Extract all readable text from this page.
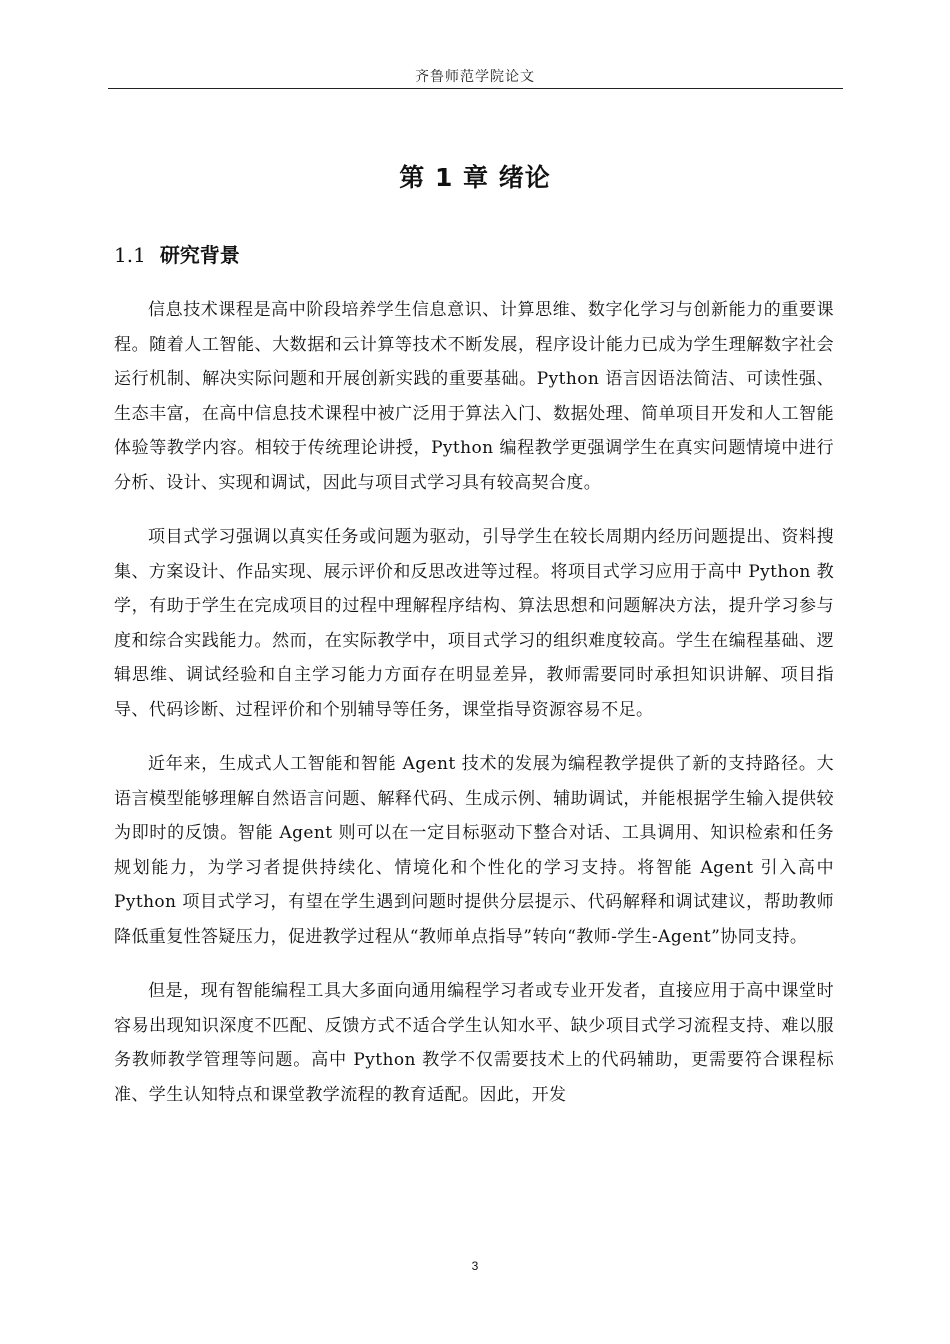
齐鲁师范学院论文
第 1 章 绪论
1.1 研究背景

信息技术课程是高中阶段培养学生信息意识、计算思维、数字化学习与创新能力的重要课程。随着人工智能、大数据和云计算等技术不断发展，程序设计能力已成为学生理解数字社会运行机制、解决实际问题和开展创新实践的重要基础。Python 语言因语法简洁、可读性强、生态丰富，在高中信息技术课程中被广泛用于算法入门、数据处理、简单项目开发和人工智能体验等教学内容。相较于传统理论讲授，Python 编程教学更强调学生在真实问题情境中进行分析、设计、实现和调试，因此与项目式学习具有较高契合度。

项目式学习强调以真实任务或问题为驱动，引导学生在较长周期内经历问题提出、资料搜集、方案设计、作品实现、展示评价和反思改进等过程。将项目式学习应用于高中 Python 教学，有助于学生在完成项目的过程中理解程序结构、算法思想和问题解决方法，提升学习参与度和综合实践能力。然而，在实际教学中，项目式学习的组织难度较高。学生在编程基础、逻辑思维、调试经验和自主学习能力方面存在明显差异，教师需要同时承担知识讲解、项目指导、代码诊断、过程评价和个别辅导等任务，课堂指导资源容易不足。

近年来，生成式人工智能和智能 Agent 技术的发展为编程教学提供了新的支持路径。大语言模型能够理解自然语言问题、解释代码、生成示例、辅助调试，并能根据学生输入提供较为即时的反馈。智能 Agent 则可以在一定目标驱动下整合对话、工具调用、知识检索和任务规划能力，为学习者提供持续化、情境化和个性化的学习支持。将智能 Agent 引入高中 Python 项目式学习，有望在学生遇到问题时提供分层提示、代码解释和调试建议，帮助教师降低重复性答疑压力，促进教学过程从“教师单点指导”转向“教师-学生-Agent”协同支持。

但是，现有智能编程工具大多面向通用编程学习者或专业开发者，直接应用于高中课堂时容易出现知识深度不匹配、反馈方式不适合学生认知水平、缺少项目式学习流程支持、难以服务教师教学管理等问题。高中 Python 教学不仅需要技术上的代码辅助，更需要符合课程标准、学生认知特点和课堂教学流程的教育适配。因此，开发

3
